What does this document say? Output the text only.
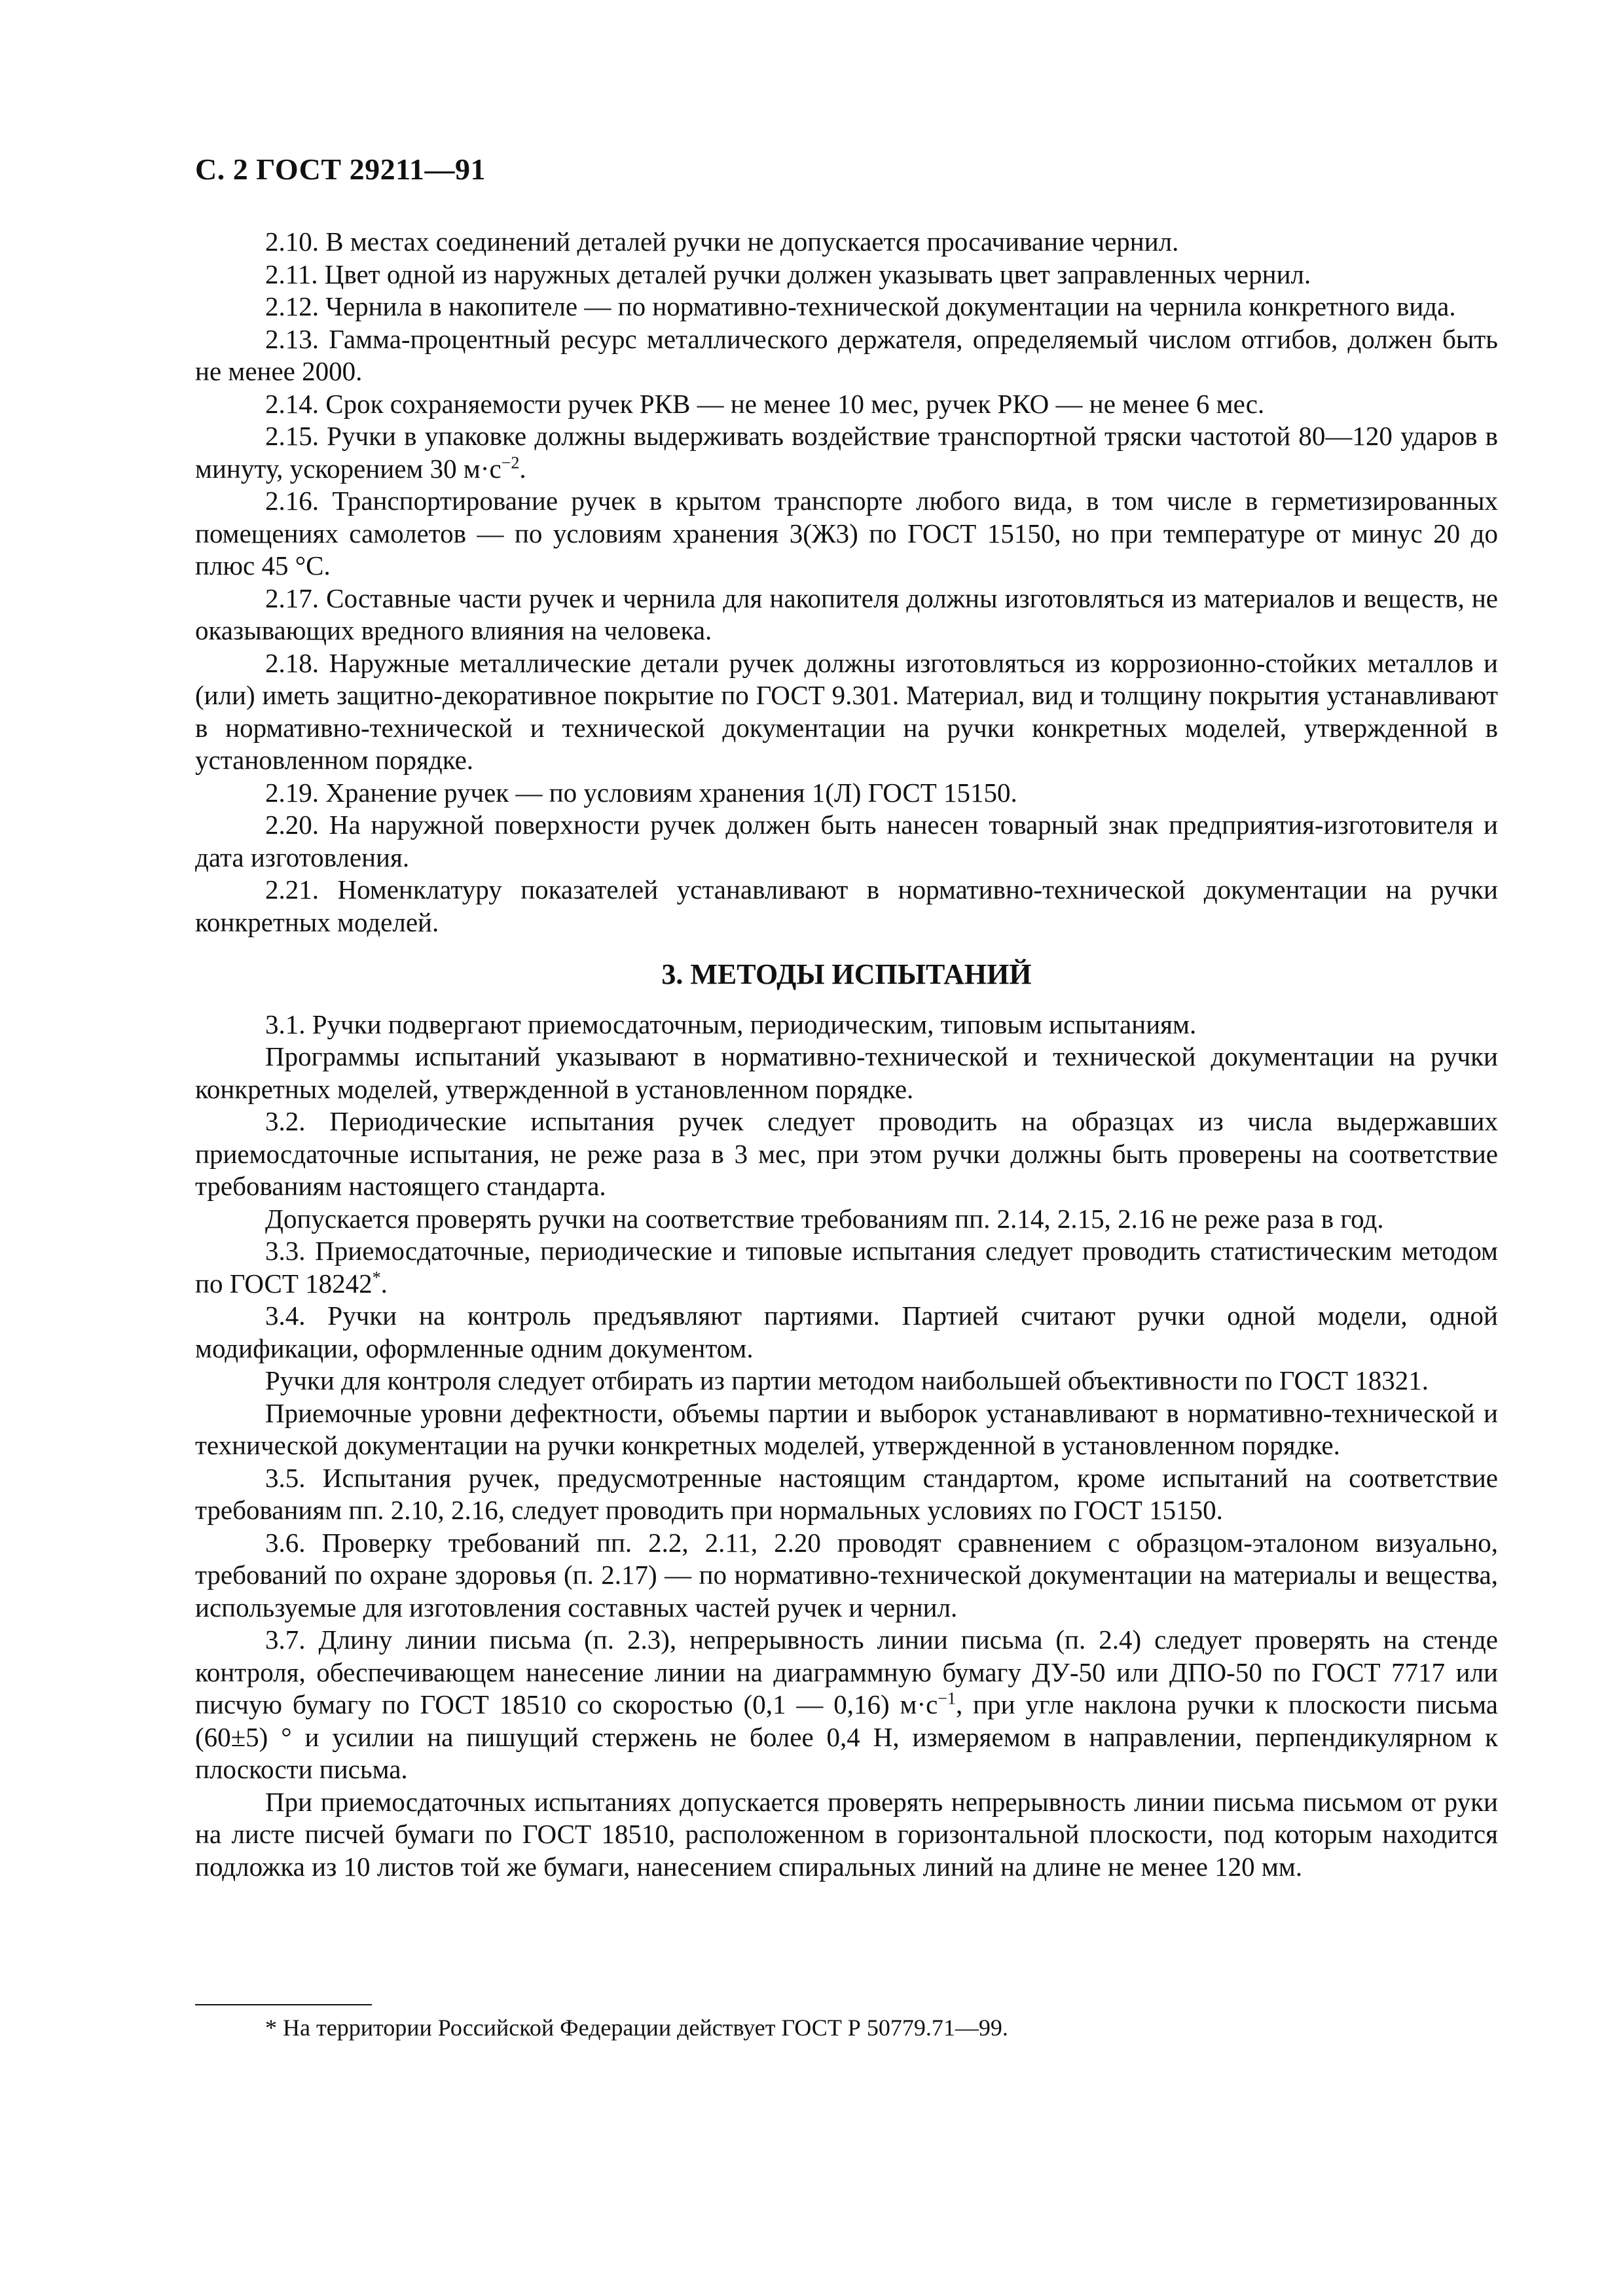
С. 2 ГОСТ 29211—91

2.10. В местах соединений деталей ручки не допускается просачивание чернил.

2.11. Цвет одной из наружных деталей ручки должен указывать цвет заправленных чернил.

2.12. Чернила в накопителе — по нормативно-технической документации на чернила конкретного вида.

2.13. Гамма-процентный ресурс металлического держателя, определяемый числом отгибов, должен быть не менее 2000.

2.14. Срок сохраняемости ручек РКВ — не менее 10 мес, ручек РКО — не менее 6 мес.

2.15. Ручки в упаковке должны выдерживать воздействие транспортной тряски частотой 80—120 ударов в минуту, ускорением 30 $м\cdot с^{-2}$.

2.16. Транспортирование ручек в крытом транспорте любого вида, в том числе в герметизированных помещениях самолетов — по условиям хранения 3(Ж3) по ГОСТ 15150, но при температуре от минус 20 до плюс 45 °С.

2.17. Составные части ручек и чернила для накопителя должны изготовляться из материалов и веществ, не оказывающих вредного влияния на человека.

2.18. Наружные металлические детали ручек должны изготовляться из коррозионно-стойких металлов и (или) иметь защитно-декоративное покрытие по ГОСТ 9.301. Материал, вид и толщину покрытия устанавливают в нормативно-технической и технической документации на ручки конкретных моделей, утвержденной в установленном порядке.

2.19. Хранение ручек — по условиям хранения 1(Л) ГОСТ 15150.

2.20. На наружной поверхности ручек должен быть нанесен товарный знак предприятия-изготовителя и дата изготовления.

2.21. Номенклатуру показателей устанавливают в нормативно-технической документации на ручки конкретных моделей.

3. МЕТОДЫ ИСПЫТАНИЙ

3.1. Ручки подвергают приемосдаточным, периодическим, типовым испытаниям.

Программы испытаний указывают в нормативно-технической и технической документации на ручки конкретных моделей, утвержденной в установленном порядке.

3.2. Периодические испытания ручек следует проводить на образцах из числа выдержавших приемосдаточные испытания, не реже раза в 3 мес, при этом ручки должны быть проверены на соответствие требованиям настоящего стандарта.

Допускается проверять ручки на соответствие требованиям пп. 2.14, 2.15, 2.16 не реже раза в год.

3.3. Приемосдаточные, периодические и типовые испытания следует проводить статистическим методом по ГОСТ 18242*.

3.4. Ручки на контроль предъявляют партиями. Партией считают ручки одной модели, одной модификации, оформленные одним документом.

Ручки для контроля следует отбирать из партии методом наибольшей объективности по ГОСТ 18321.

Приемочные уровни дефектности, объемы партии и выборок устанавливают в нормативно-технической и технической документации на ручки конкретных моделей, утвержденной в установленном порядке.

3.5. Испытания ручек, предусмотренные настоящим стандартом, кроме испытаний на соответствие требованиям пп. 2.10, 2.16, следует проводить при нормальных условиях по ГОСТ 15150.

3.6. Проверку требований пп. 2.2, 2.11, 2.20 проводят сравнением с образцом-эталоном визуально, требований по охране здоровья (п. 2.17) — по нормативно-технической документации на материалы и вещества, используемые для изготовления составных частей ручек и чернил.

3.7. Длину линии письма (п. 2.3), непрерывность линии письма (п. 2.4) следует проверять на стенде контроля, обеспечивающем нанесение линии на диаграммную бумагу ДУ-50 или ДПО-50 по ГОСТ 7717 или писчую бумагу по ГОСТ 18510 со скоростью (0,1 — 0,16) $м\cdot с^{-1}$, при угле наклона ручки к плоскости письма (60±5) ° и усилии на пишущий стержень не более 0,4 Н, измеряемом в направлении, перпендикулярном к плоскости письма.

При приемосдаточных испытаниях допускается проверять непрерывность линии письма письмом от руки на листе писчей бумаги по ГОСТ 18510, расположенном в горизонтальной плоскости, под которым находится подложка из 10 листов той же бумаги, нанесением спиральных линий на длине не менее 120 мм.

* На территории Российской Федерации действует ГОСТ Р 50779.71—99.
